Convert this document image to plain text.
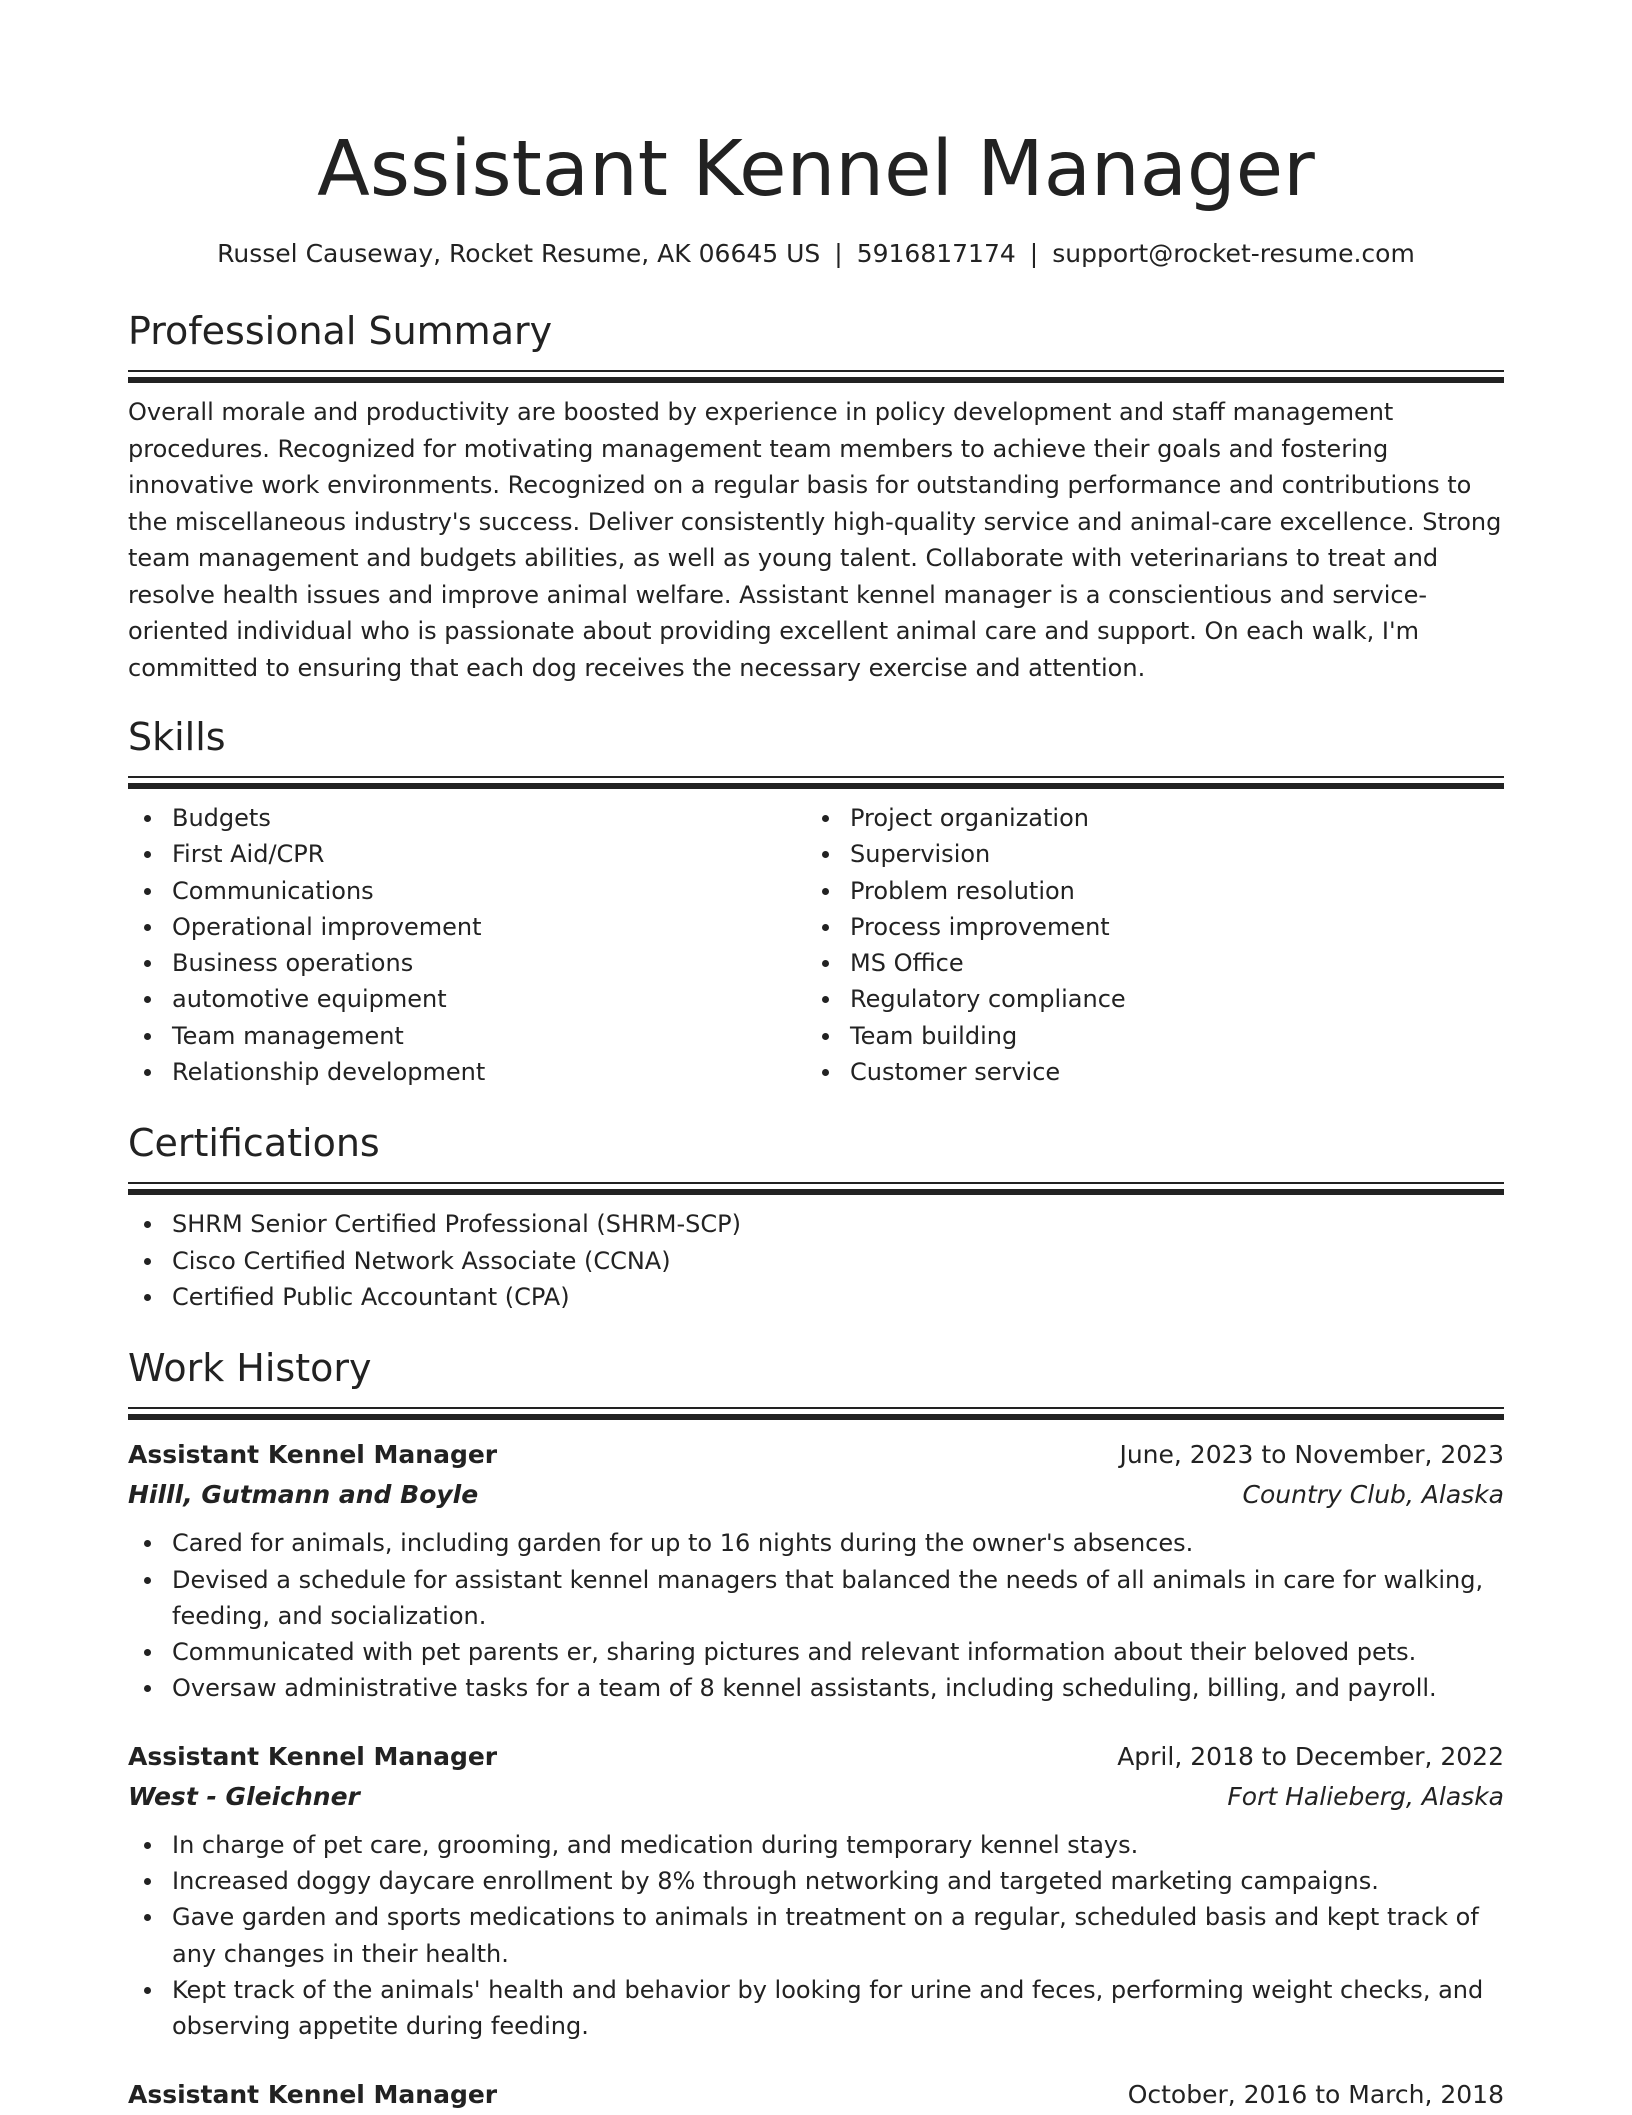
Assistant Kennel Manager
Russel Causeway, Rocket Resume, AK 06645 US | 5916817174 | support@rocket-resume.com
Professional Summary
Overall morale and productivity are boosted by experience in policy development and staff management procedures. Recognized for motivating management team members to achieve their goals and fostering innovative work environments. Recognized on a regular basis for outstanding performance and contributions to the miscellaneous industry's success. Deliver consistently high-quality service and animal-care excellence. Strong team management and budgets abilities, as well as young talent. Collaborate with veterinarians to treat and resolve health issues and improve animal welfare. Assistant kennel manager is a conscientious and service-oriented individual who is passionate about providing excellent animal care and support. On each walk, I'm committed to ensuring that each dog receives the necessary exercise and attention.
Skills
Budgets
First Aid/CPR
Communications
Operational improvement
Business operations
automotive equipment
Team management
Relationship development
Project organization
Supervision
Problem resolution
Process improvement
MS Office
Regulatory compliance
Team building
Customer service
Certifications
SHRM Senior Certified Professional (SHRM-SCP)
Cisco Certified Network Associate (CCNA)
Certified Public Accountant (CPA)
Work History
Assistant Kennel Manager	June, 2023 to November, 2023
Hilll, Gutmann and Boyle	Country Club, Alaska
Cared for animals, including garden for up to 16 nights during the owner's absences.
Devised a schedule for assistant kennel managers that balanced the needs of all animals in care for walking, feeding, and socialization.
Communicated with pet parents er, sharing pictures and relevant information about their beloved pets.
Oversaw administrative tasks for a team of 8 kennel assistants, including scheduling, billing, and payroll.
Assistant Kennel Manager	April, 2018 to December, 2022
West - Gleichner	Fort Halieberg, Alaska
In charge of pet care, grooming, and medication during temporary kennel stays.
Increased doggy daycare enrollment by 8% through networking and targeted marketing campaigns.
Gave garden and sports medications to animals in treatment on a regular, scheduled basis and kept track of any changes in their health.
Kept track of the animals' health and behavior by looking for urine and feces, performing weight checks, and observing appetite during feeding.
Assistant Kennel Manager	October, 2016 to March, 2018
